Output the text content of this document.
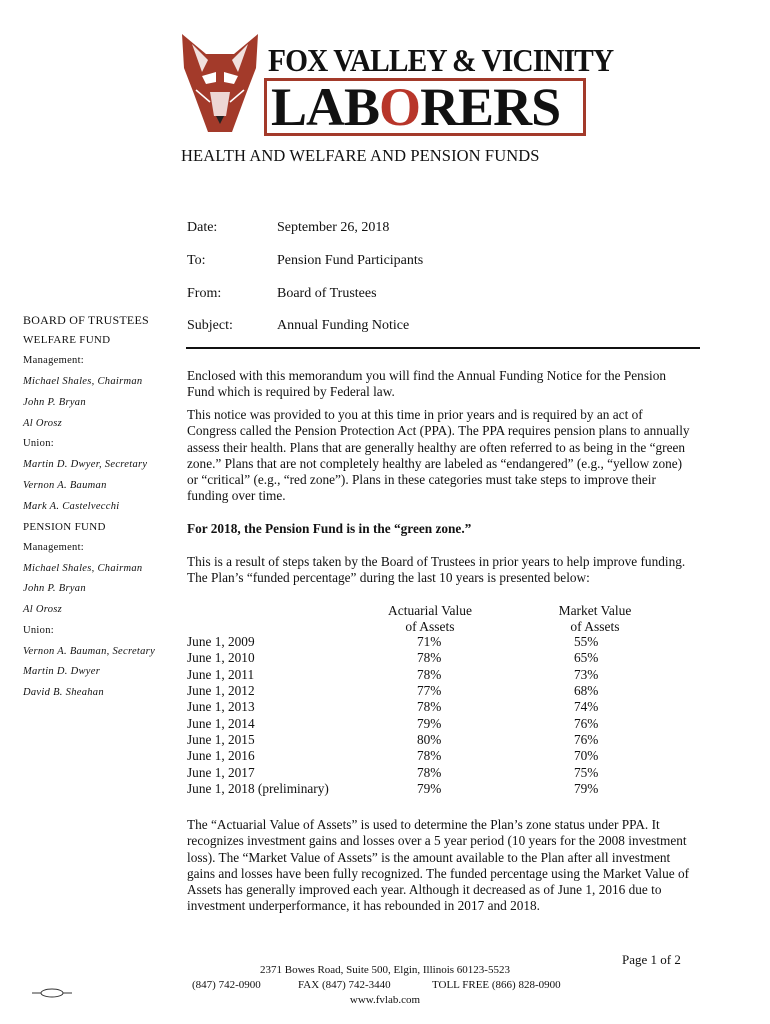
FOX VALLEY & VICINITY
LABORERS
HEALTH AND WELFARE AND PENSION FUNDS
Date:	September 26, 2018
To:	Pension Fund Participants
From:	Board of Trustees
Subject:	Annual Funding Notice
BOARD OF TRUSTEES
WELFARE FUND
Management:
Michael Shales, Chairman
John P. Bryan
Al Orosz
Union:
Martin D. Dwyer, Secretary
Vernon A. Bauman
Mark A. Castelvecchi
PENSION FUND
Management:
Michael Shales, Chairman
John P. Bryan
Al Orosz
Union:
Vernon A. Bauman, Secretary
Martin D. Dwyer
David B. Sheahan
Enclosed with this memorandum you will find the Annual Funding Notice for the Pension Fund which is required by Federal law.
This notice was provided to you at this time in prior years and is required by an act of Congress called the Pension Protection Act (PPA). The PPA requires pension plans to annually assess their health. Plans that are generally healthy are often referred to as being in the “green zone.” Plans that are not completely healthy are labeled as “endangered” (e.g., “yellow zone) or “critical” (e.g., “red zone”). Plans in these categories must take steps to improve their funding over time.
For 2018, the Pension Fund is in the “green zone.”
This is a result of steps taken by the Board of Trustees in prior years to help improve funding. The Plan’s “funded percentage” during the last 10 years is presented below:
Actuarial Value
of Assets
Market Value
of Assets
June 1, 2009	71%	55%
June 1, 2010	78%	65%
June 1, 2011	78%	73%
June 1, 2012	77%	68%
June 1, 2013	78%	74%
June 1, 2014	79%	76%
June 1, 2015	80%	76%
June 1, 2016	78%	70%
June 1, 2017	78%	75%
June 1, 2018 (preliminary)	79%	79%
The “Actuarial Value of Assets” is used to determine the Plan’s zone status under PPA. It recognizes investment gains and losses over a 5 year period (10 years for the 2008 investment loss). The “Market Value of Assets” is the amount available to the Plan after all investment gains and losses have been fully recognized. The funded percentage using the Market Value of Assets has generally improved each year. Although it decreased as of June 1, 2016 due to investment underperformance, it has rebounded in 2017 and 2018.
Page 1 of 2
2371 Bowes Road, Suite 500, Elgin, Illinois 60123-5523
(847) 742-0900	FAX (847) 742-3440	TOLL FREE (866) 828-0900
www.fvlab.com
